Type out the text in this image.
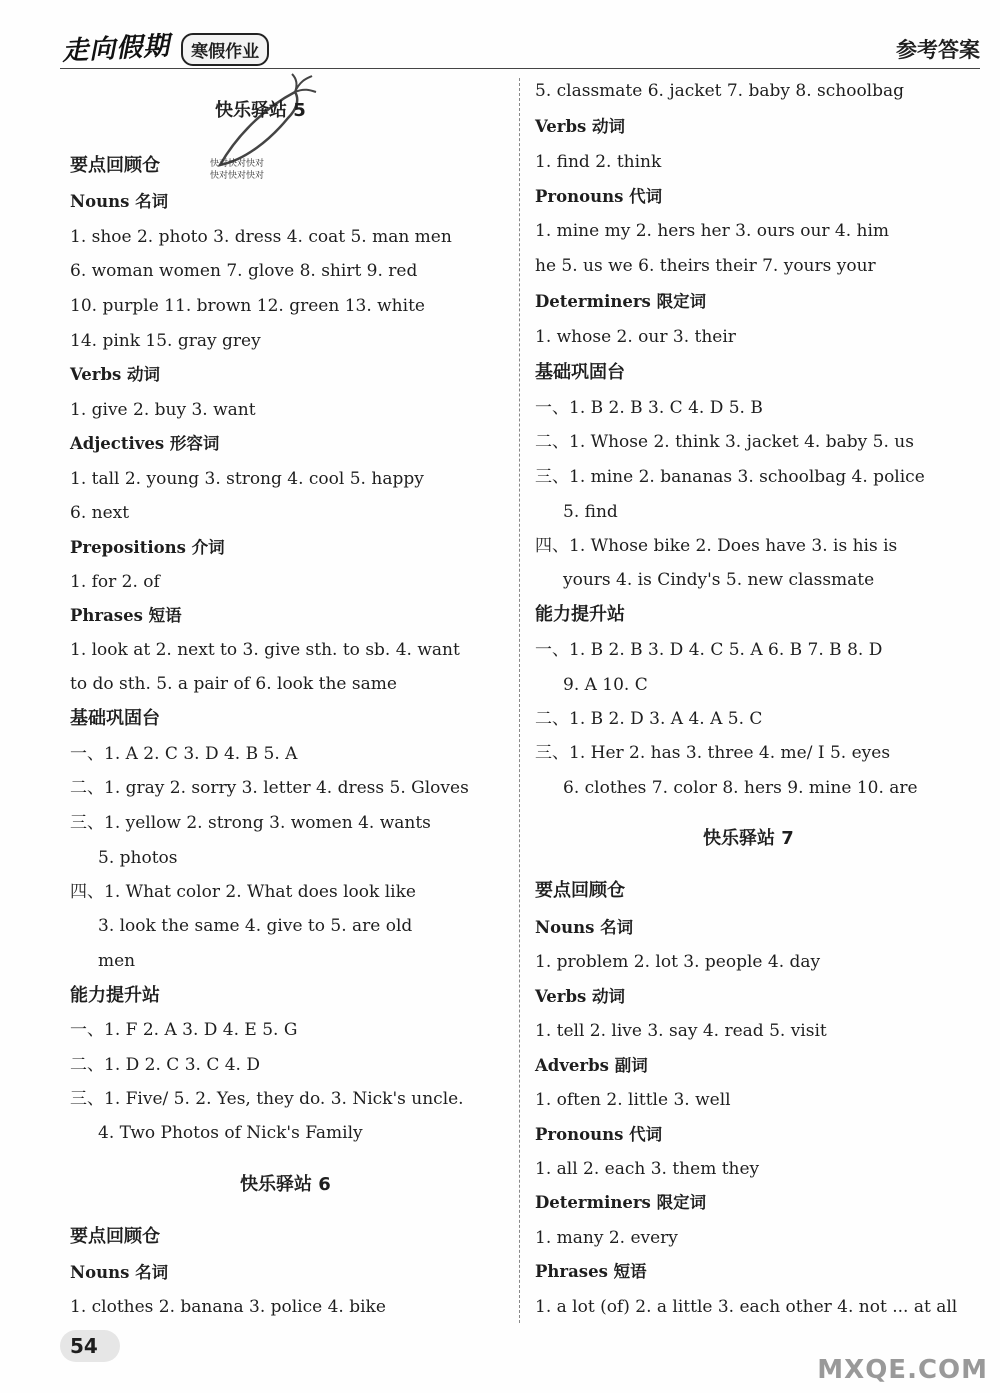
走向假期 寒假作业	参考答案
快对快对快对
快对快对快对
快乐驿站 5
要点回顾仓
Nouns 名词
1. shoe 2. photo 3. dress 4. coat 5. man men
6. woman women 7. glove 8. shirt 9. red
10. purple 11. brown 12. green 13. white
14. pink 15. gray grey
Verbs 动词
1. give 2. buy 3. want
Adjectives 形容词
1. tall 2. young 3. strong 4. cool 5. happy
6. next
Prepositions 介词
1. for 2. of
Phrases 短语
1. look at 2. next to 3. give sth. to sb. 4. want
to do sth. 5. a pair of 6. look the same
基础巩固台
一、1. A 2. C 3. D 4. B 5. A
二、1. gray 2. sorry 3. letter 4. dress 5. Gloves
三、1. yellow 2. strong 3. women 4. wants
5. photos
四、1. What color 2. What does look like
3. look the same 4. give to 5. are old
men
能力提升站
一、1. F 2. A 3. D 4. E 5. G
二、1. D 2. C 3. C 4. D
三、1. Five/ 5. 2. Yes, they do. 3. Nick's uncle.
4. Two Photos of Nick's Family
快乐驿站 6
要点回顾仓
Nouns 名词
1. clothes 2. banana 3. police 4. bike
5. classmate 6. jacket 7. baby 8. schoolbag
Verbs 动词
1. find 2. think
Pronouns 代词
1. mine my 2. hers her 3. ours our 4. him
he 5. us we 6. theirs their 7. yours your
Determiners 限定词
1. whose 2. our 3. their
基础巩固台
一、1. B 2. B 3. C 4. D 5. B
二、1. Whose 2. think 3. jacket 4. baby 5. us
三、1. mine 2. bananas 3. schoolbag 4. police
5. find
四、1. Whose bike 2. Does have 3. is his is
yours 4. is Cindy's 5. new classmate
能力提升站
一、1. B 2. B 3. D 4. C 5. A 6. B 7. B 8. D
9. A 10. C
二、1. B 2. D 3. A 4. A 5. C
三、1. Her 2. has 3. three 4. me/ I 5. eyes
6. clothes 7. color 8. hers 9. mine 10. are
快乐驿站 7
要点回顾仓
Nouns 名词
1. problem 2. lot 3. people 4. day
Verbs 动词
1. tell 2. live 3. say 4. read 5. visit
Adverbs 副词
1. often 2. little 3. well
Pronouns 代词
1. all 2. each 3. them they
Determiners 限定词
1. many 2. every
Phrases 短语
1. a lot (of) 2. a little 3. each other 4. not ... at all
54
MXQE.COM
